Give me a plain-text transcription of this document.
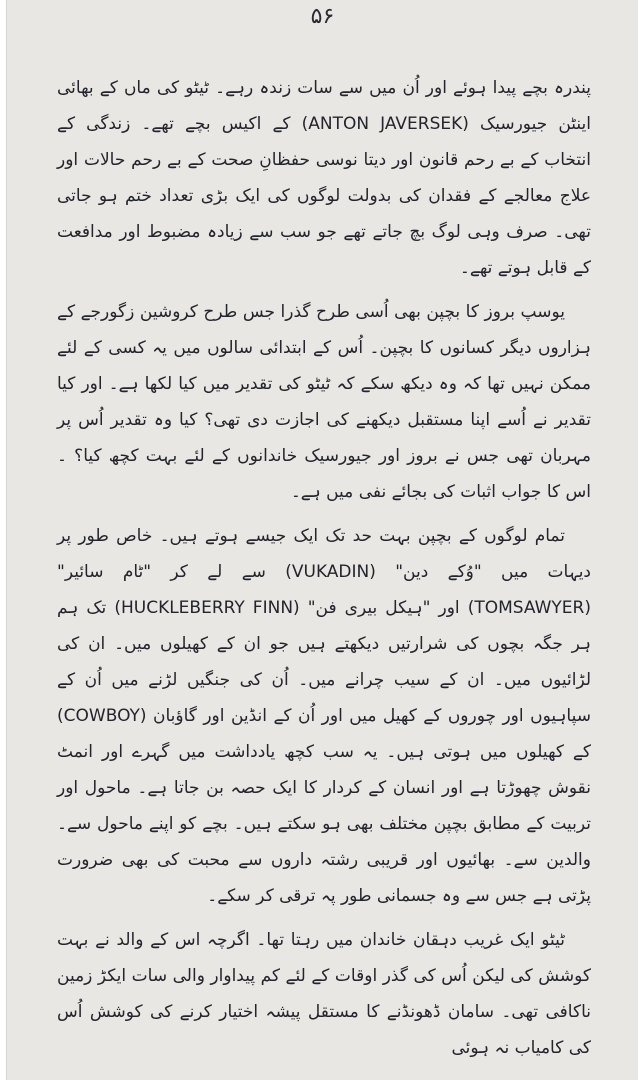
۵۶

پندرہ بچے پیدا ہوئے اور اُن میں سے سات زندہ رہے۔ ٹیٹو کی ماں کے بھائی اینٹن جیورسیک (ANTON JAVERSEK) کے اکیس بچے تھے۔ زندگی کے انتخاب کے بے رحم قانون اور دیتا نوسی حفظانِ صحت کے بے رحم حالات اور علاج معالجے کے فقدان کی بدولت لوگوں کی ایک بڑی تعداد ختم ہو جاتی تھی۔ صرف وہی لوگ بچ جاتے تھے جو سب سے زیادہ مضبوط اور مدافعت کے قابل ہوتے تھے۔

یوسپ بروز کا بچپن بھی اُسی طرح گذرا جس طرح کروشین زگورجے کے ہزاروں دیگر کسانوں کا بچپن۔ اُس کے ابتدائی سالوں میں یہ کسی کے لئے ممکن نہیں تھا کہ وہ دیکھ سکے کہ ٹیٹو کی تقدیر میں کیا لکھا ہے۔ اور کیا تقدیر نے اُسے اپنا مستقبل دیکھنے کی اجازت دی تھی؟ کیا وہ تقدیر اُس پر مہربان تھی جس نے بروز اور جیورسیک خاندانوں کے لئے بہت کچھ کیا؟ ۔ اس کا جواب اثبات کی بجائے نفی میں ہے۔

تمام لوگوں کے بچپن بہت حد تک ایک جیسے ہوتے ہیں۔ خاص طور پر دیہات میں "وُکے دین" (VUKADIN) سے لے کر "ٹام سائیر" (TOMSAWYER) اور "ہیکل بیری فن" (HUCKLEBERRY FINN) تک ہم ہر جگہ بچوں کی شرارتیں دیکھتے ہیں جو ان کے کھیلوں میں۔ ان کی لڑائیوں میں۔ ان کے سیب چرانے میں۔ اُن کی جنگیں لڑنے میں اُن کے سپاہیوں اور چوروں کے کھیل میں اور اُن کے انڈین اور گاؤبان (COWBOY) کے کھیلوں میں ہوتی ہیں۔ یہ سب کچھ یادداشت میں گہرے اور انمٹ نقوش چھوڑتا ہے اور انسان کے کردار کا ایک حصہ بن جاتا ہے۔ ماحول اور تربیت کے مطابق بچپن مختلف بھی ہو سکتے ہیں۔ بچے کو اپنے ماحول سے۔ والدین سے۔ بھائیوں اور قریبی رشتہ داروں سے محبت کی بھی ضرورت پڑتی ہے جس سے وہ جسمانی طور پہ ترقی کر سکے۔

ٹیٹو ایک غریب دہقان خاندان میں رہتا تھا۔ اگرچہ اس کے والد نے بہت کوشش کی لیکن اُس کی گذر اوقات کے لئے کم پیداوار والی سات ایکڑ زمین ناکافی تھی۔ سامان ڈھونڈنے کا مستقل پیشہ اختیار کرنے کی کوشش اُس کی کامیاب نہ ہوئی
